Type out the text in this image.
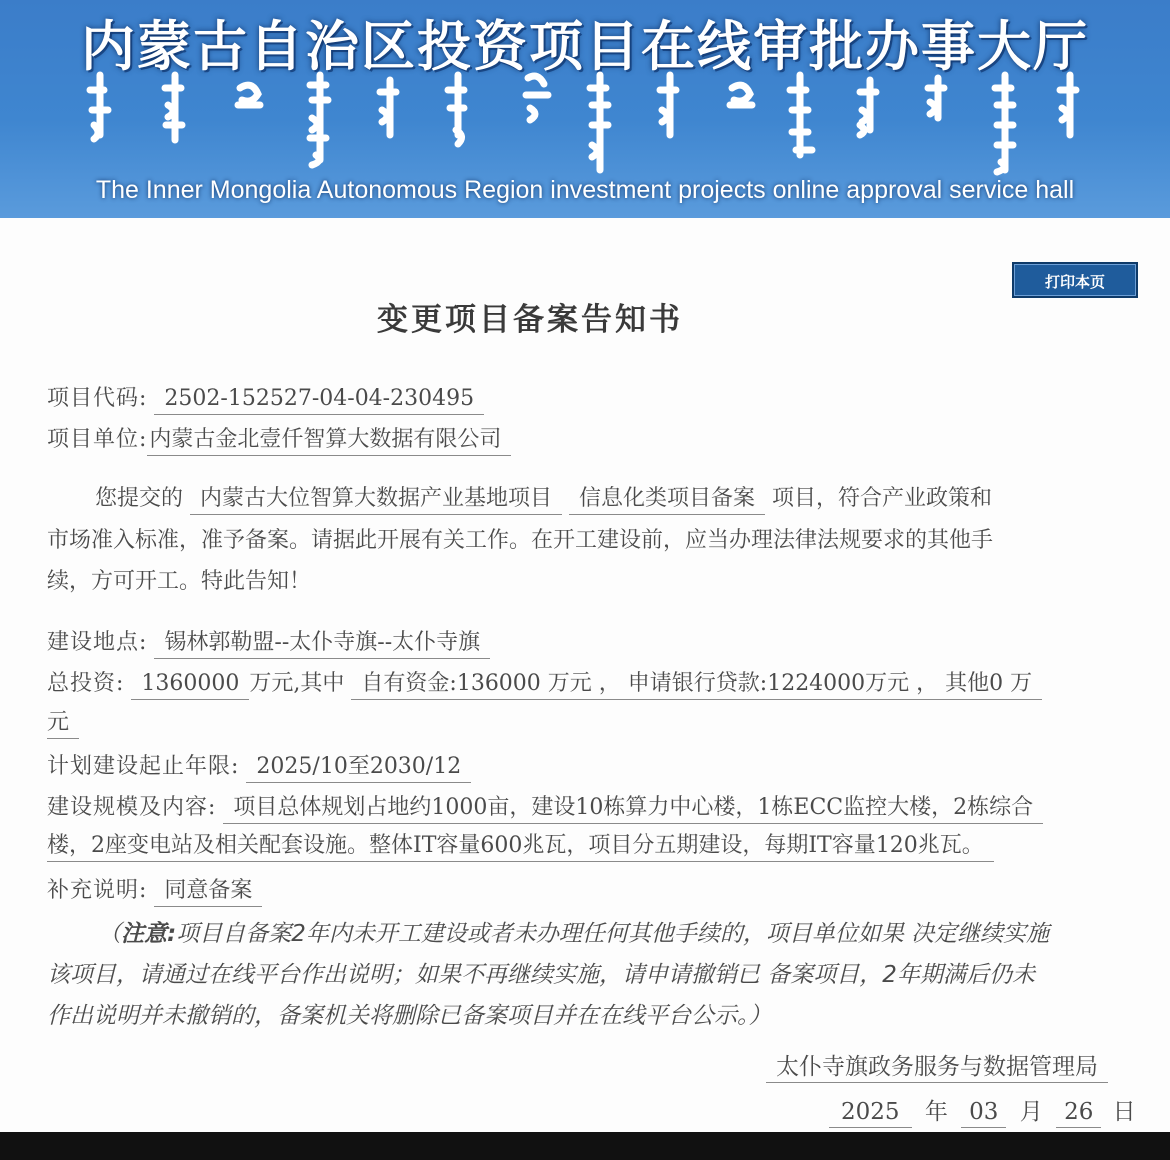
内蒙古自治区投资项目在线审批办事大厅
The Inner Mongolia Autonomous Region investment projects online approval service hall
打印本页
变更项目备案告知书
项目代码: 2502-152527-04-04-230495
项目单位:内蒙古金北壹仟智算大数据有限公司
您提交的 内蒙古大位智算大数据产业基地项目 信息化类项目备案 项目，符合产业政策和
市场准入标准，准予备案。请据此开展有关工作。在开工建设前，应当办理法律法规要求的其他手
续，方可开工。特此告知！
建设地点: 锡林郭勒盟--太仆寺旗--太仆寺旗
总投资: 1360000 万元,其中 自有资金:136000 万元 ， 申请银行贷款:1224000万元 ， 其他0 万
元
计划建设起止年限: 2025/10至2030/12
建设规模及内容: 项目总体规划占地约1000亩，建设10栋算力中心楼，1栋ECC监控大楼，2栋综合
楼，2座变电站及相关配套设施。整体IT容量600兆瓦，项目分五期建设，每期IT容量120兆瓦。
补充说明: 同意备案
（注意:项目自备案2年内未开工建设或者未办理任何其他手续的，项目单位如果 决定继续实施
该项目，请通过在线平台作出说明；如果不再继续实施，请申请撤销已 备案项目，2年期满后仍未
作出说明并未撤销的，备案机关将删除已备案项目并在在线平台公示。）
太仆寺旗政务服务与数据管理局
2025 年 03 月 26 日
